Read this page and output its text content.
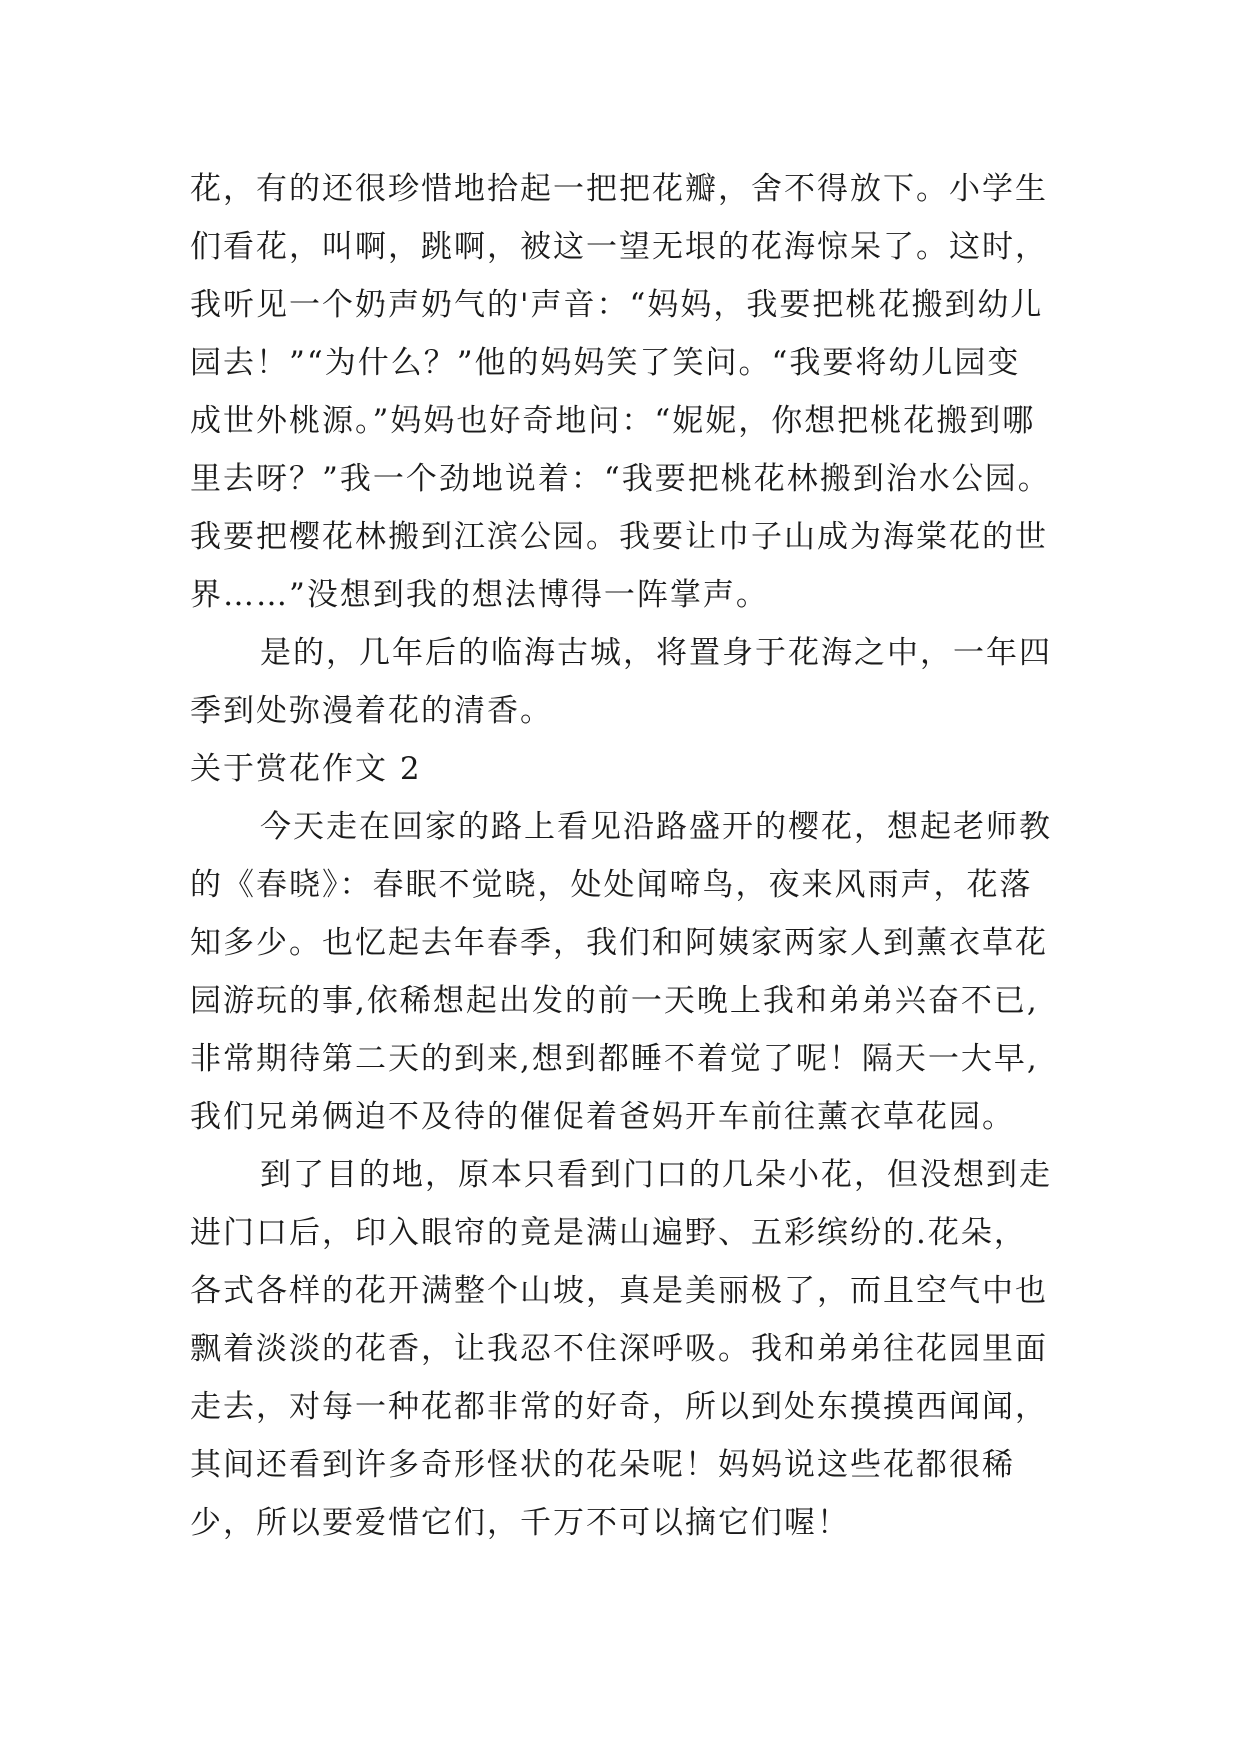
花，有的还很珍惜地拾起一把把花瓣，舍不得放下。小学生
们看花，叫啊，跳啊，被这一望无垠的花海惊呆了。这时，
我听见一个奶声奶气的'声音：“妈妈，我要把桃花搬到幼儿
园去！”“为什么？”他的妈妈笑了笑问。“我要将幼儿园变
成世外桃源。”妈妈也好奇地问：“妮妮，你想把桃花搬到哪
里去呀？”我一个劲地说着：“我要把桃花林搬到治水公园。
我要把樱花林搬到江滨公园。我要让巾子山成为海棠花的世
界……”没想到我的想法博得一阵掌声。
是的，几年后的临海古城，将置身于花海之中，一年四
季到处弥漫着花的清香。
关于赏花作文 2
今天走在回家的路上看见沿路盛开的樱花，想起老师教
的《春晓》：春眠不觉晓，处处闻啼鸟，夜来风雨声，花落
知多少。也忆起去年春季，我们和阿姨家两家人到薰衣草花
园游玩的事,依稀想起出发的前一天晚上我和弟弟兴奋不已,
非常期待第二天的到来,想到都睡不着觉了呢！隔天一大早,
我们兄弟俩迫不及待的催促着爸妈开车前往薰衣草花园。
到了目的地，原本只看到门口的几朵小花，但没想到走
进门口后，印入眼帘的竟是满山遍野、五彩缤纷的.花朵，
各式各样的花开满整个山坡，真是美丽极了，而且空气中也
飘着淡淡的花香，让我忍不住深呼吸。我和弟弟往花园里面
走去，对每一种花都非常的好奇，所以到处东摸摸西闻闻，
其间还看到许多奇形怪状的花朵呢！妈妈说这些花都很稀
少，所以要爱惜它们，千万不可以摘它们喔！
